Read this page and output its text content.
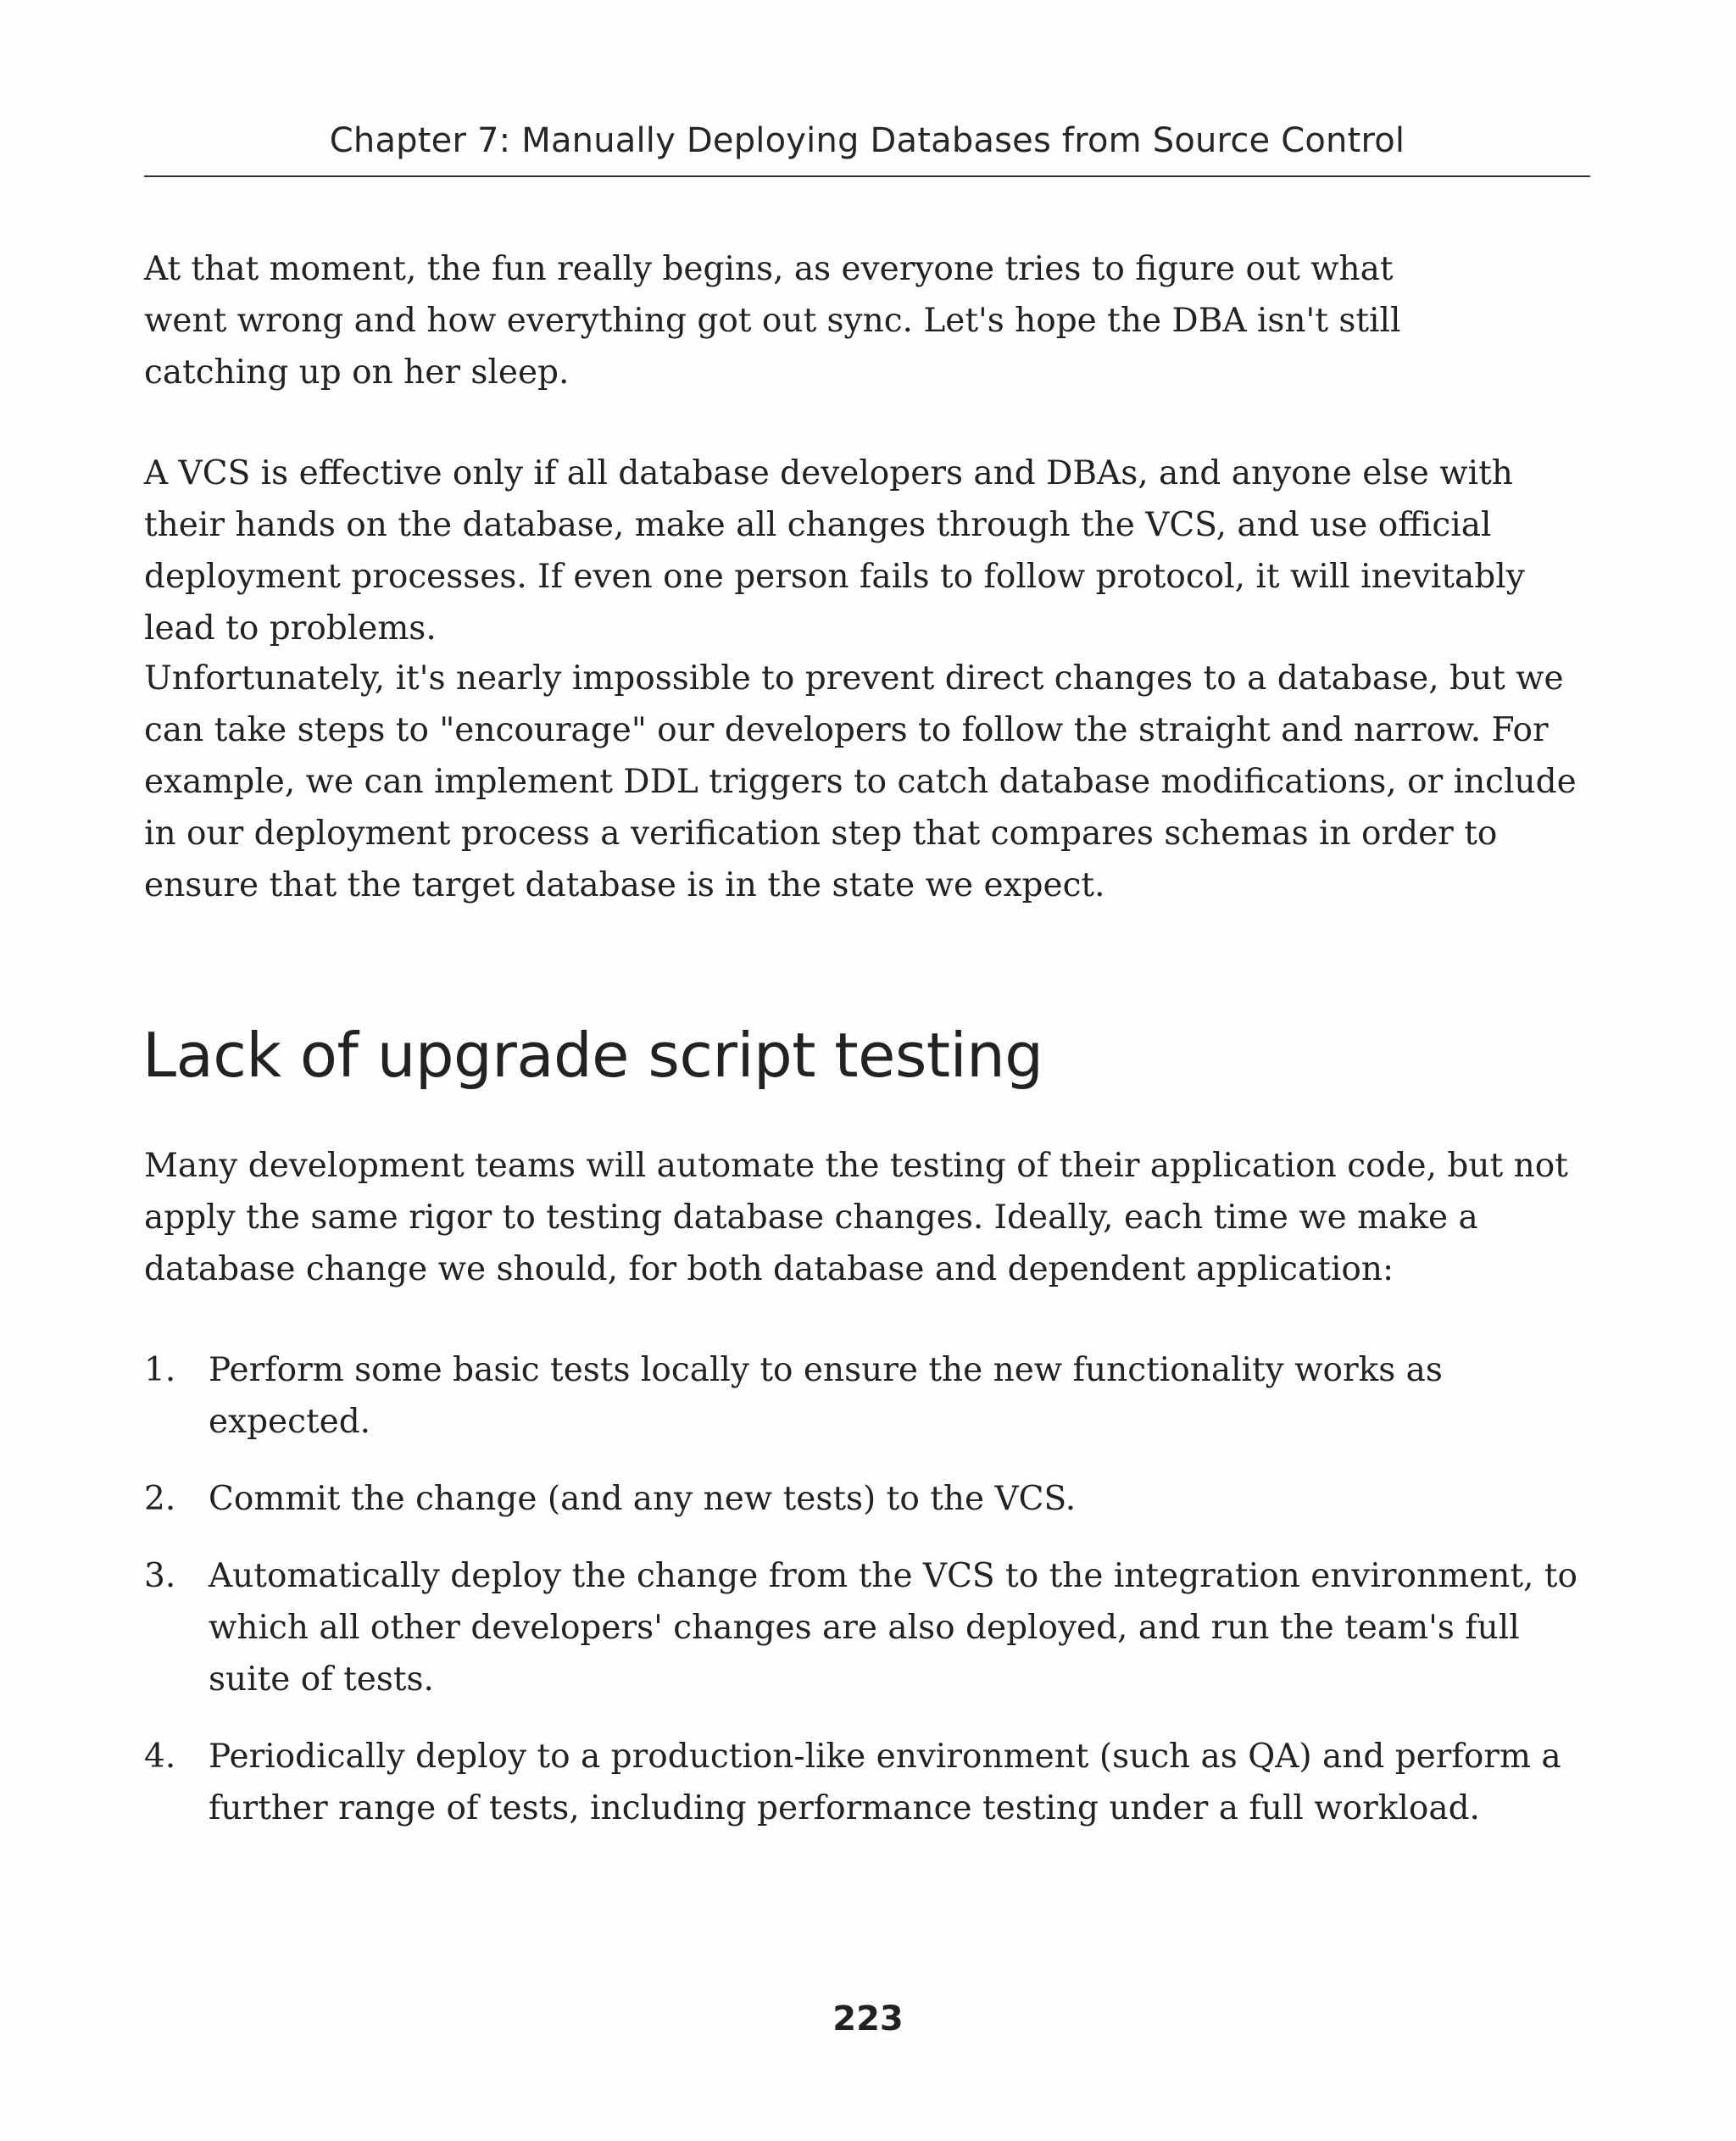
Chapter 7: Manually Deploying Databases from Source Control

At that moment, the fun really begins, as everyone tries to figure out what went wrong and how everything got out sync. Let's hope the DBA isn't still catching up on her sleep.

A VCS is effective only if all database developers and DBAs, and anyone else with their hands on the database, make all changes through the VCS, and use official deployment processes. If even one person fails to follow protocol, it will inevitably lead to problems.

Unfortunately, it's nearly impossible to prevent direct changes to a database, but we can take steps to "encourage" our developers to follow the straight and narrow. For example, we can implement DDL triggers to catch database modifications, or include in our deployment process a verification step that compares schemas in order to ensure that the target database is in the state we expect.

Lack of upgrade script testing

Many development teams will automate the testing of their application code, but not apply the same rigor to testing database changes. Ideally, each time we make a database change we should, for both database and dependent application:

1. Perform some basic tests locally to ensure the new functionality works as expected.
2. Commit the change (and any new tests) to the VCS.
3. Automatically deploy the change from the VCS to the integration environment, to which all other developers' changes are also deployed, and run the team's full suite of tests.
4. Periodically deploy to a production-like environment (such as QA) and perform a further range of tests, including performance testing under a full workload.
223
